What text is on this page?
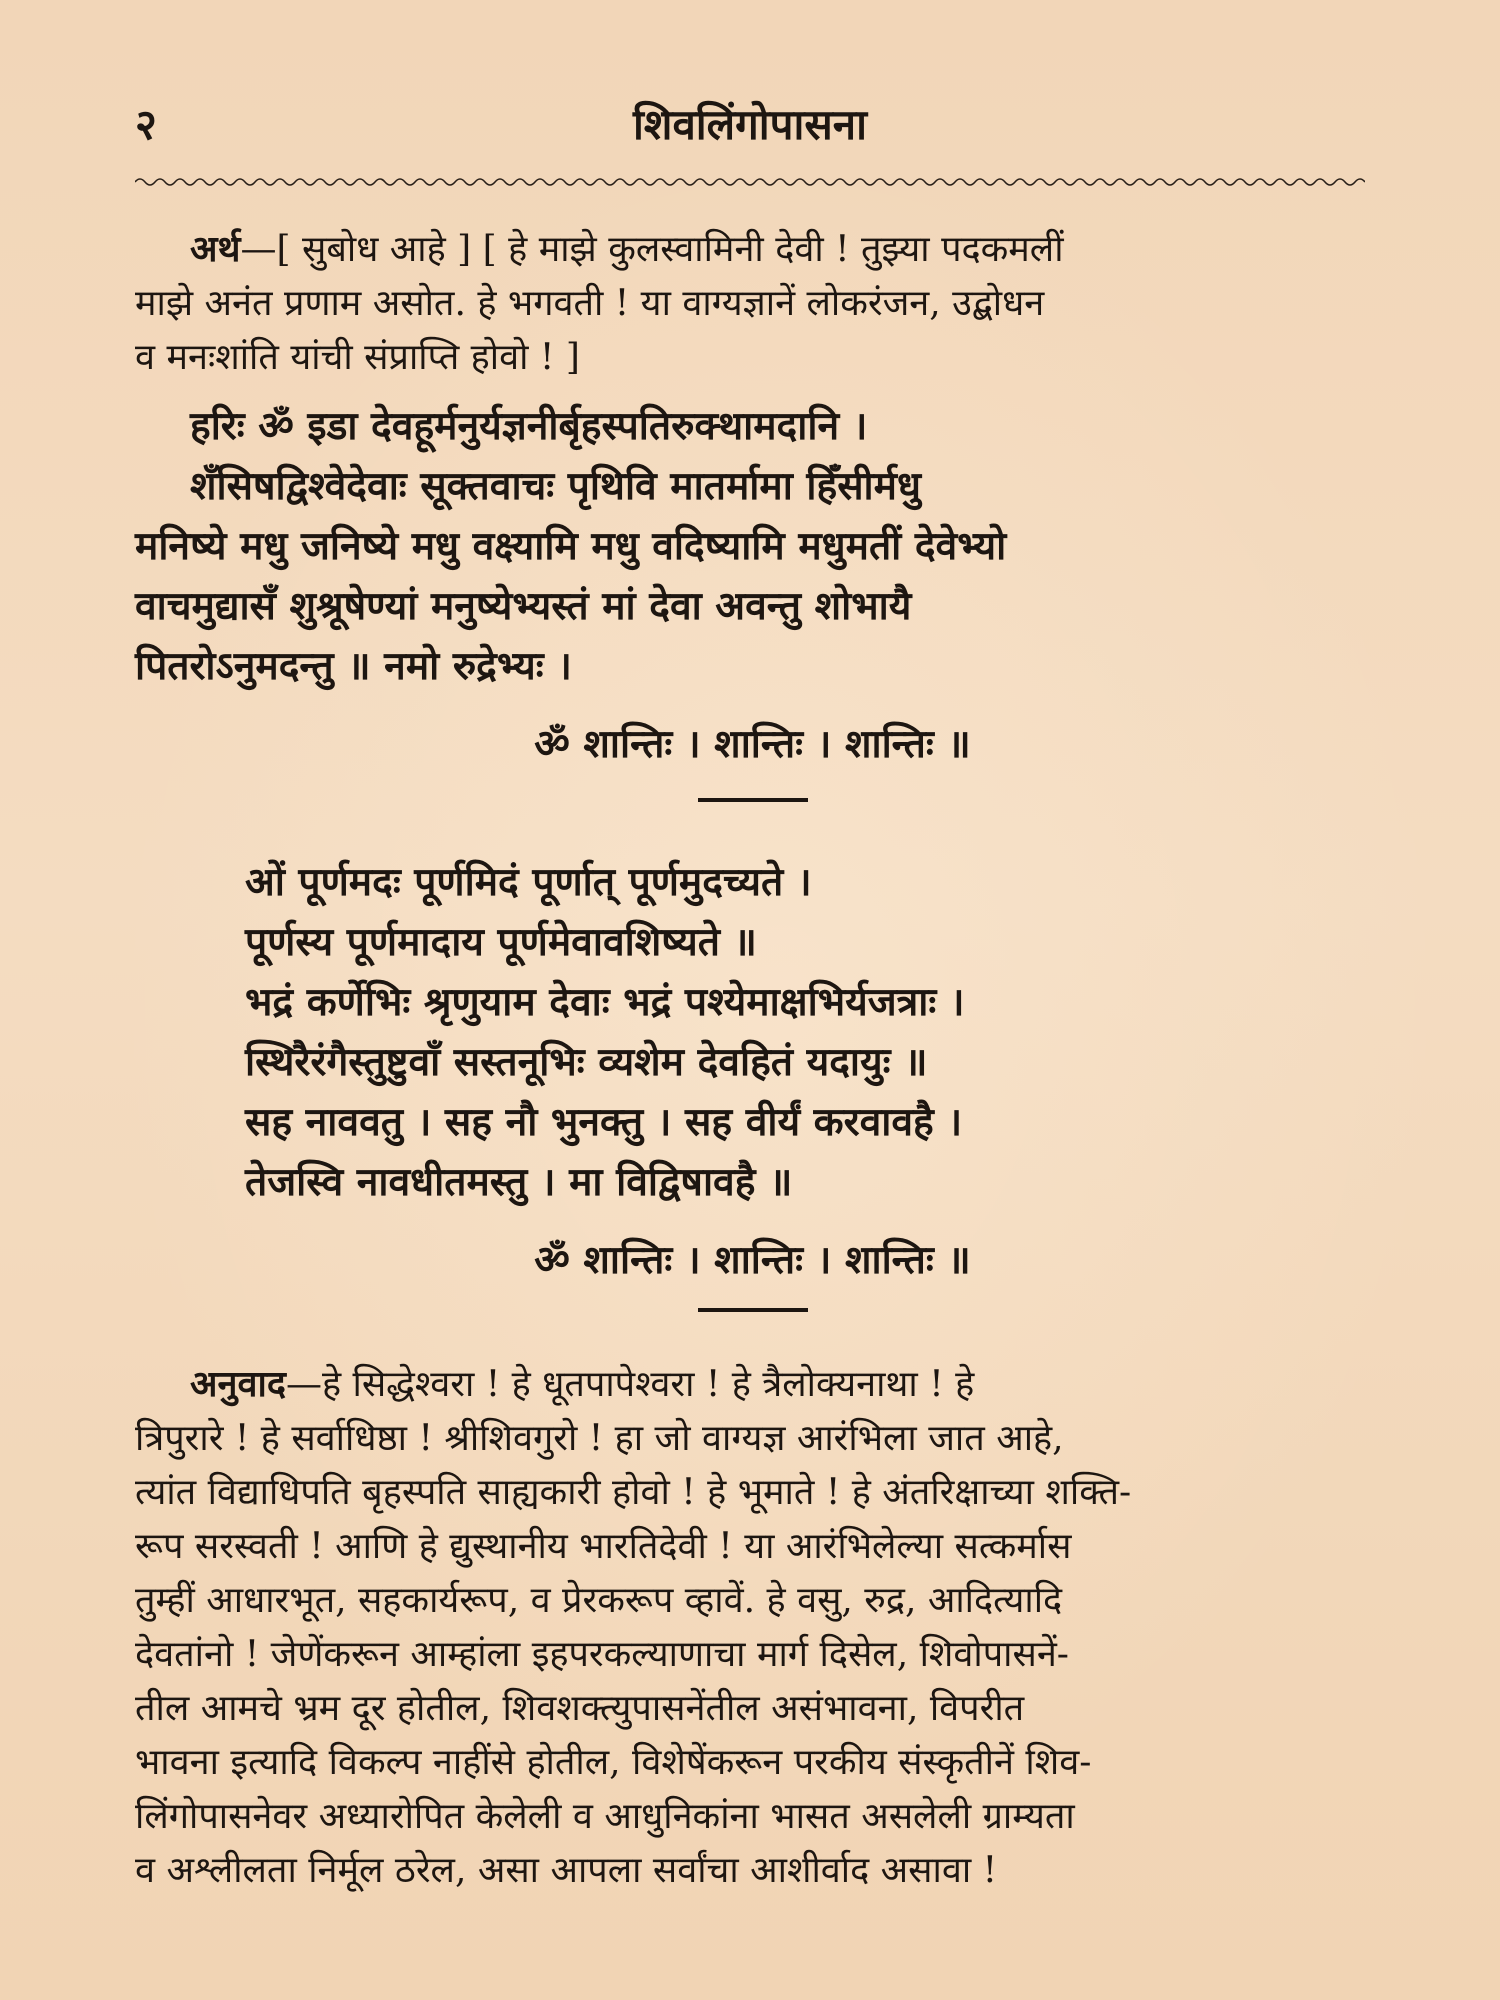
२	शिवलिंगोपासना
अर्थ—[ सुबोध आहे ] [ हे माझे कुलस्वामिनी देवी ! तुझ्या पदकमलीं
माझे अनंत प्रणाम असोत. हे भगवती ! या वाग्यज्ञानें लोकरंजन, उद्बोधन
व मनःशांति यांची संप्राप्ति होवो ! ]
हरिः ॐ इडा देवहूर्मनुर्यज्ञनीर्बृहस्पतिरुक्थामदानि ।
शँसिषद्विश्वेदेवाः सूक्तवाचः पृथिवि मातर्मामा हिँसीर्मधु
मनिष्ये मधु जनिष्ये मधु वक्ष्यामि मधु वदिष्यामि मधुमतीं देवेभ्यो
वाचमुद्यासँ शुश्रूषेण्यां मनुष्येभ्यस्तं मां देवा अवन्तु शोभायै
पितरोऽनुमदन्तु ॥ नमो रुद्रेभ्यः ।
ॐ शान्तिः । शान्तिः । शान्तिः ॥
ओं पूर्णमदः पूर्णमिदं पूर्णात् पूर्णमुदच्यते ।
पूर्णस्य पूर्णमादाय पूर्णमेवावशिष्यते ॥
भद्रं कर्णेभिः श्रृणुयाम देवाः भद्रं पश्येमाक्षभिर्यजत्राः ।
स्थिरैरंगैस्तुष्टुवाँ सस्तनूभिः व्यशेम देवहितं यदायुः ॥
सह नाववतु । सह नौ भुनक्तु । सह वीर्यं करवावहै ।
तेजस्वि नावधीतमस्तु । मा विद्विषावहै ॥
ॐ शान्तिः । शान्तिः । शान्तिः ॥
अनुवाद—हे सिद्धेश्वरा ! हे धूतपापेश्वरा ! हे त्रैलोक्यनाथा ! हे
त्रिपुरारे ! हे सर्वाधिष्ठा ! श्रीशिवगुरो ! हा जो वाग्यज्ञ आरंभिला जात आहे,
त्यांत विद्याधिपति बृहस्पति साह्यकारी होवो ! हे भूमाते ! हे अंतरिक्षाच्या शक्ति-
रूप सरस्वती ! आणि हे द्युस्थानीय भारतिदेवी ! या आरंभिलेल्या सत्कर्मास
तुम्हीं आधारभूत, सहकार्यरूप, व प्रेरकरूप व्हावें. हे वसु, रुद्र, आदित्यादि
देवतांनो ! जेणेंकरून आम्हांला इहपरकल्याणाचा मार्ग दिसेल, शिवोपासनें-
तील आमचे भ्रम दूर होतील, शिवशक्त्युपासनेंतील असंभावना, विपरीत
भावना इत्यादि विकल्प नाहींसे होतील, विशेषेंकरून परकीय संस्कृतीनें शिव-
लिंगोपासनेवर अध्यारोपित केलेली व आधुनिकांना भासत असलेली ग्राम्यता
व अश्लीलता निर्मूल ठरेल, असा आपला सर्वांचा आशीर्वाद असावा !
